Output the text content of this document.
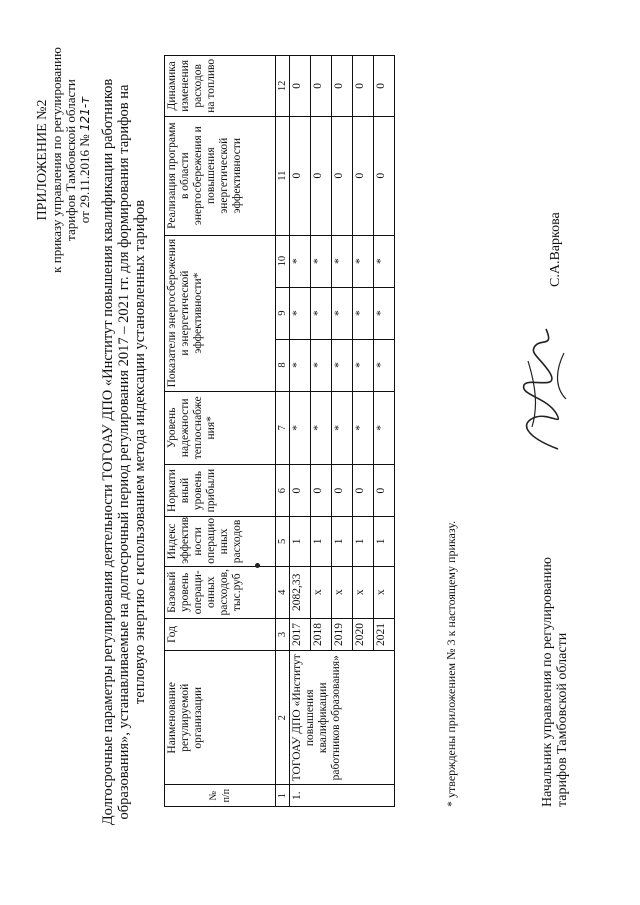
ПРИЛОЖЕНИЕ №2 к приказу управления по регулированию тарифов Тамбовской области от 29.11.2016 № 121-т Долгосрочные параметры регулирования деятельности ТОГОАУ ДПО «Институт повышения квалификации работников образования», устанавливаемые на долгосрочный период регулирования 2017 – 2021 гг. для формирования тарифов на тепловую энергию с использованием метода индексации установленных тарифов
№ п/п	Наименование регулируемой организации	Год	Базовый уровень операци-онных расходов, тыс.руб	Индекс эффектив ности операцио нных расходов	Нормати вный уровень прибыли	Уровень надежности теплоснабже ния*	Показатели энергосбережения и энергетической эффективности*			Реализация программ в области энергосбережения и повышения энергетической эффективности	Динамика изменения расходов на топливо
1	2	3	4	5	6	7	8	9	10	11	12
1.	ТОГОАУ ДПО «Институт повышения квалификации работников образования»	2017	2082,33	1	0	*	*	*	*	0	0
		2018	х	1	0	*	*	*	*	0	0
		2019	х	1	0	*	*	*	*	0	0
		2020	х	1	0	*	*	*	*	0	0
		2021	х	1	0	*	*	*	*	0	0
* утверждены приложением № 3 к настоящему приказу.	Начальник управления по регулированию тарифов Тамбовской области
С.А.Варкова
